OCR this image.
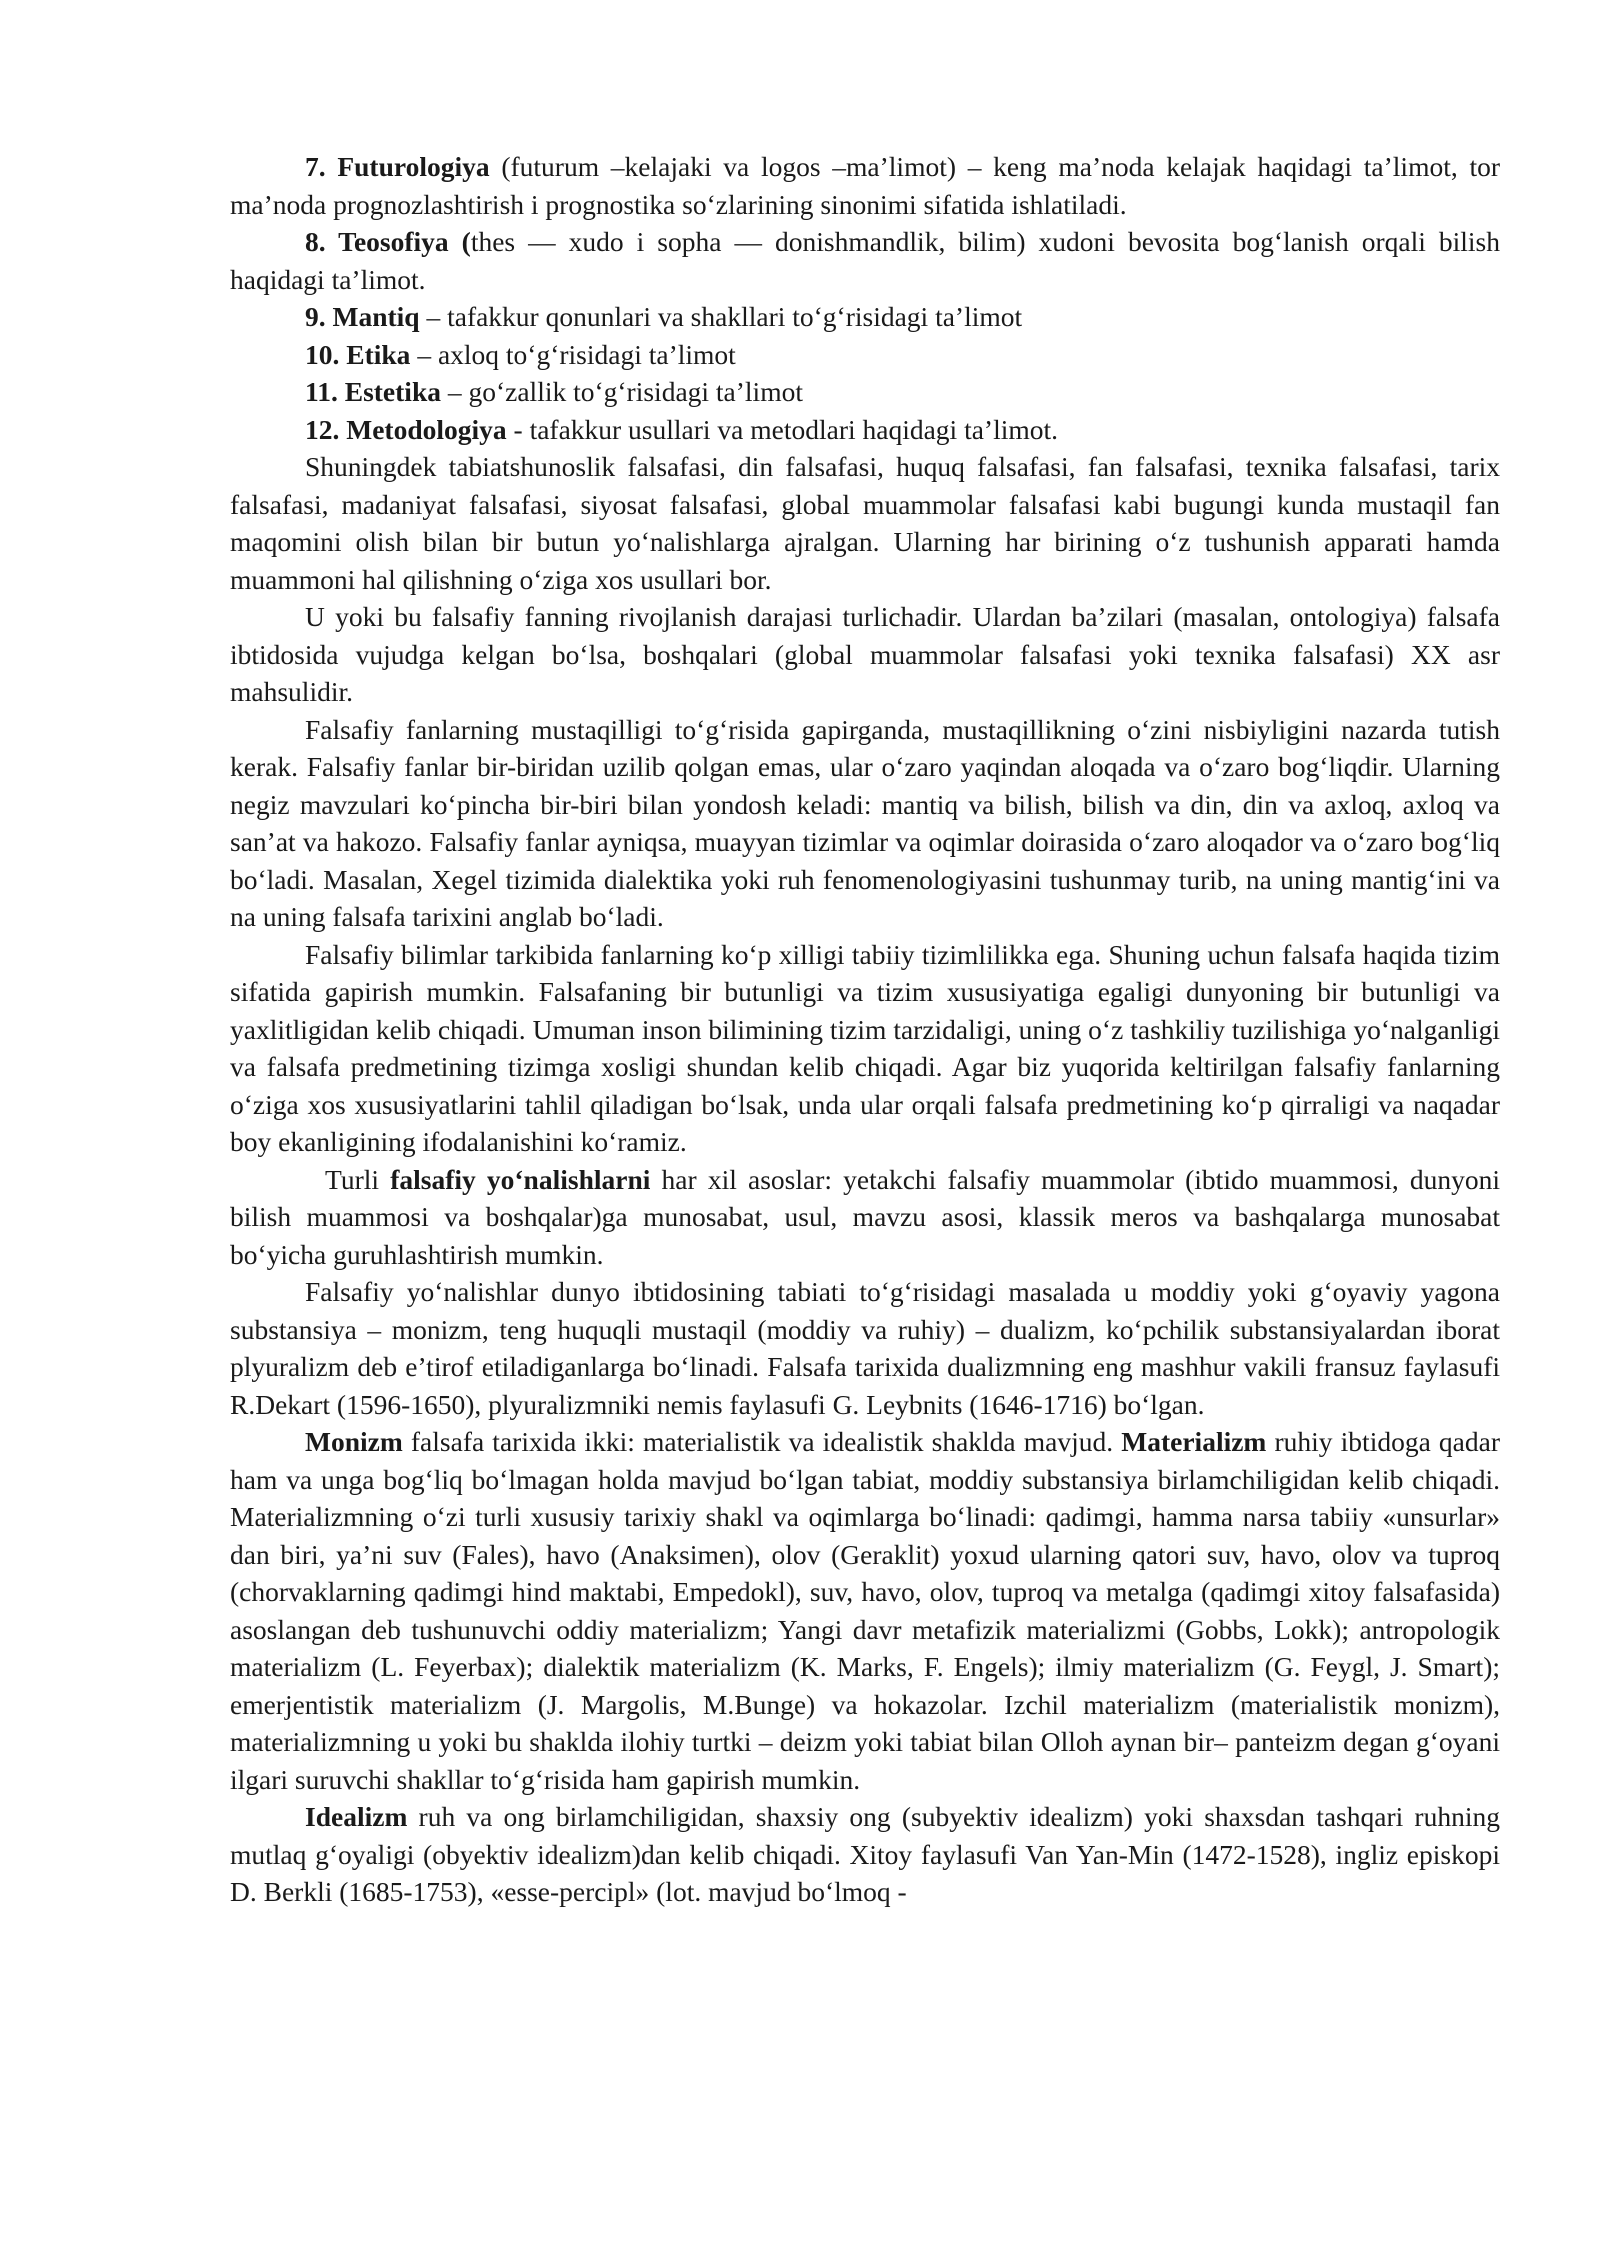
7. Futurologiya (futurum –kelajaki va logos –ma’limot) – keng ma’noda kelajak haqidagi ta’limot, tor ma’noda prognozlashtirish i prognostika so‘zlarining sinonimi sifatida ishlatiladi.

8. Teosofiya (thes — xudo i sopha — donishmandlik, bilim) xudoni bevosita bog‘lanish orqali bilish haqidagi ta’limot.

9. Mantiq – tafakkur qonunlari va shakllari to‘g‘risidagi ta’limot

10. Etika – axloq to‘g‘risidagi ta’limot

11. Estetika – go‘zallik to‘g‘risidagi ta’limot

12. Metodologiya - tafakkur usullari va metodlari haqidagi ta’limot.

Shuningdek tabiatshunoslik falsafasi, din falsafasi, huquq falsafasi, fan falsafasi, texnika falsafasi, tarix falsafasi, madaniyat falsafasi, siyosat falsafasi, global muammolar falsafasi kabi bugungi kunda mustaqil fan maqomini olish bilan bir butun yo‘nalishlarga ajralgan. Ularning har birining o‘z tushunish apparati hamda muammoni hal qilishning o‘ziga xos usullari bor.

U yoki bu falsafiy fanning rivojlanish darajasi turlichadir. Ulardan ba’zilari (masalan, ontologiya) falsafa ibtidosida vujudga kelgan bo‘lsa, boshqalari (global muammolar falsafasi yoki texnika falsafasi) XX asr mahsulidir.

Falsafiy fanlarning mustaqilligi to‘g‘risida gapirganda, mustaqillikning o‘zini nisbiyligini nazarda tutish kerak. Falsafiy fanlar bir-biridan uzilib qolgan emas, ular o‘zaro yaqindan aloqada va o‘zaro bog‘liqdir. Ularning negiz mavzulari ko‘pincha bir-biri bilan yondosh keladi: mantiq va bilish, bilish va din, din va axloq, axloq va san’at va hakozo. Falsafiy fanlar ayniqsa, muayyan tizimlar va oqimlar doirasida o‘zaro aloqador va o‘zaro bog‘liq bo‘ladi. Masalan, Xegel tizimida dialektika yoki ruh fenomenologiyasini tushunmay turib, na uning mantig‘ini va na uning falsafa tarixini anglab bo‘ladi.

Falsafiy bilimlar tarkibida fanlarning ko‘p xilligi tabiiy tizimlilikka ega. Shuning uchun falsafa haqida tizim sifatida gapirish mumkin. Falsafaning bir butunligi va tizim xususiyatiga egaligi dunyoning bir butunligi va yaxlitligidan kelib chiqadi. Umuman inson bilimining tizim tarzidaligi, uning o‘z tashkiliy tuzilishiga yo‘nalganligi va falsafa predmetining tizimga xosligi shundan kelib chiqadi. Agar biz yuqorida keltirilgan falsafiy fanlarning o‘ziga xos xususiyatlarini tahlil qiladigan bo‘lsak, unda ular orqali falsafa predmetining ko‘p qirraligi va naqadar boy ekanligining ifodalanishini ko‘ramiz.

Turli falsafiy yo‘nalishlarni har xil asoslar: yetakchi falsafiy muammolar (ibtido muammosi, dunyoni bilish muammosi va boshqalar)ga munosabat, usul, mavzu asosi, klassik meros va bashqalarga munosabat bo‘yicha guruhlashtirish mumkin.

Falsafiy yo‘nalishlar dunyo ibtidosining tabiati to‘g‘risidagi masalada u moddiy yoki g‘oyaviy yagona substansiya – monizm, teng huquqli mustaqil (moddiy va ruhiy) – dualizm, ko‘pchilik substansiyalardan iborat plyuralizm deb e’tirof etiladiganlarga bo‘linadi. Falsafa tarixida dualizmning eng mashhur vakili fransuz faylasufi R.Dekart (1596-1650), plyuralizmniki nemis faylasufi G. Leybnits (1646-1716) bo‘lgan.

Monizm falsafa tarixida ikki: materialistik va idealistik shaklda mavjud. Materializm ruhiy ibtidoga qadar ham va unga bog‘liq bo‘lmagan holda mavjud bo‘lgan tabiat, moddiy substansiya birlamchiligidan kelib chiqadi. Materializmning o‘zi turli xususiy tarixiy shakl va oqimlarga bo‘linadi: qadimgi, hamma narsa tabiiy «unsurlar» dan biri, ya’ni suv (Fales), havo (Anaksimen), olov (Geraklit) yoxud ularning qatori suv, havo, olov va tuproq (chorvaklarning qadimgi hind maktabi, Empedokl), suv, havo, olov, tuproq va metalga (qadimgi xitoy falsafasida) asoslangan deb tushunuvchi oddiy materializm; Yangi davr metafizik materializmi (Gobbs, Lokk); antropologik materializm (L. Feyerbax); dialektik materializm (K. Marks, F. Engels); ilmiy materializm (G. Feygl, J. Smart); emerjentistik materializm (J. Margolis, M.Bunge) va hokazolar. Izchil materializm (materialistik monizm), materializmning u yoki bu shaklda ilohiy turtki – deizm yoki tabiat bilan Olloh aynan bir– panteizm degan g‘oyani ilgari suruvchi shakllar to‘g‘risida ham gapirish mumkin.

Idealizm ruh va ong birlamchiligidan, shaxsiy ong (subyektiv idealizm) yoki shaxsdan tashqari ruhning mutlaq g‘oyaligi (obyektiv idealizm)dan kelib chiqadi. Xitoy faylasufi Van Yan-Min (1472-1528), ingliz episkopi D. Berkli (1685-1753), «esse-percipl» (lot. mavjud bo‘lmoq -
